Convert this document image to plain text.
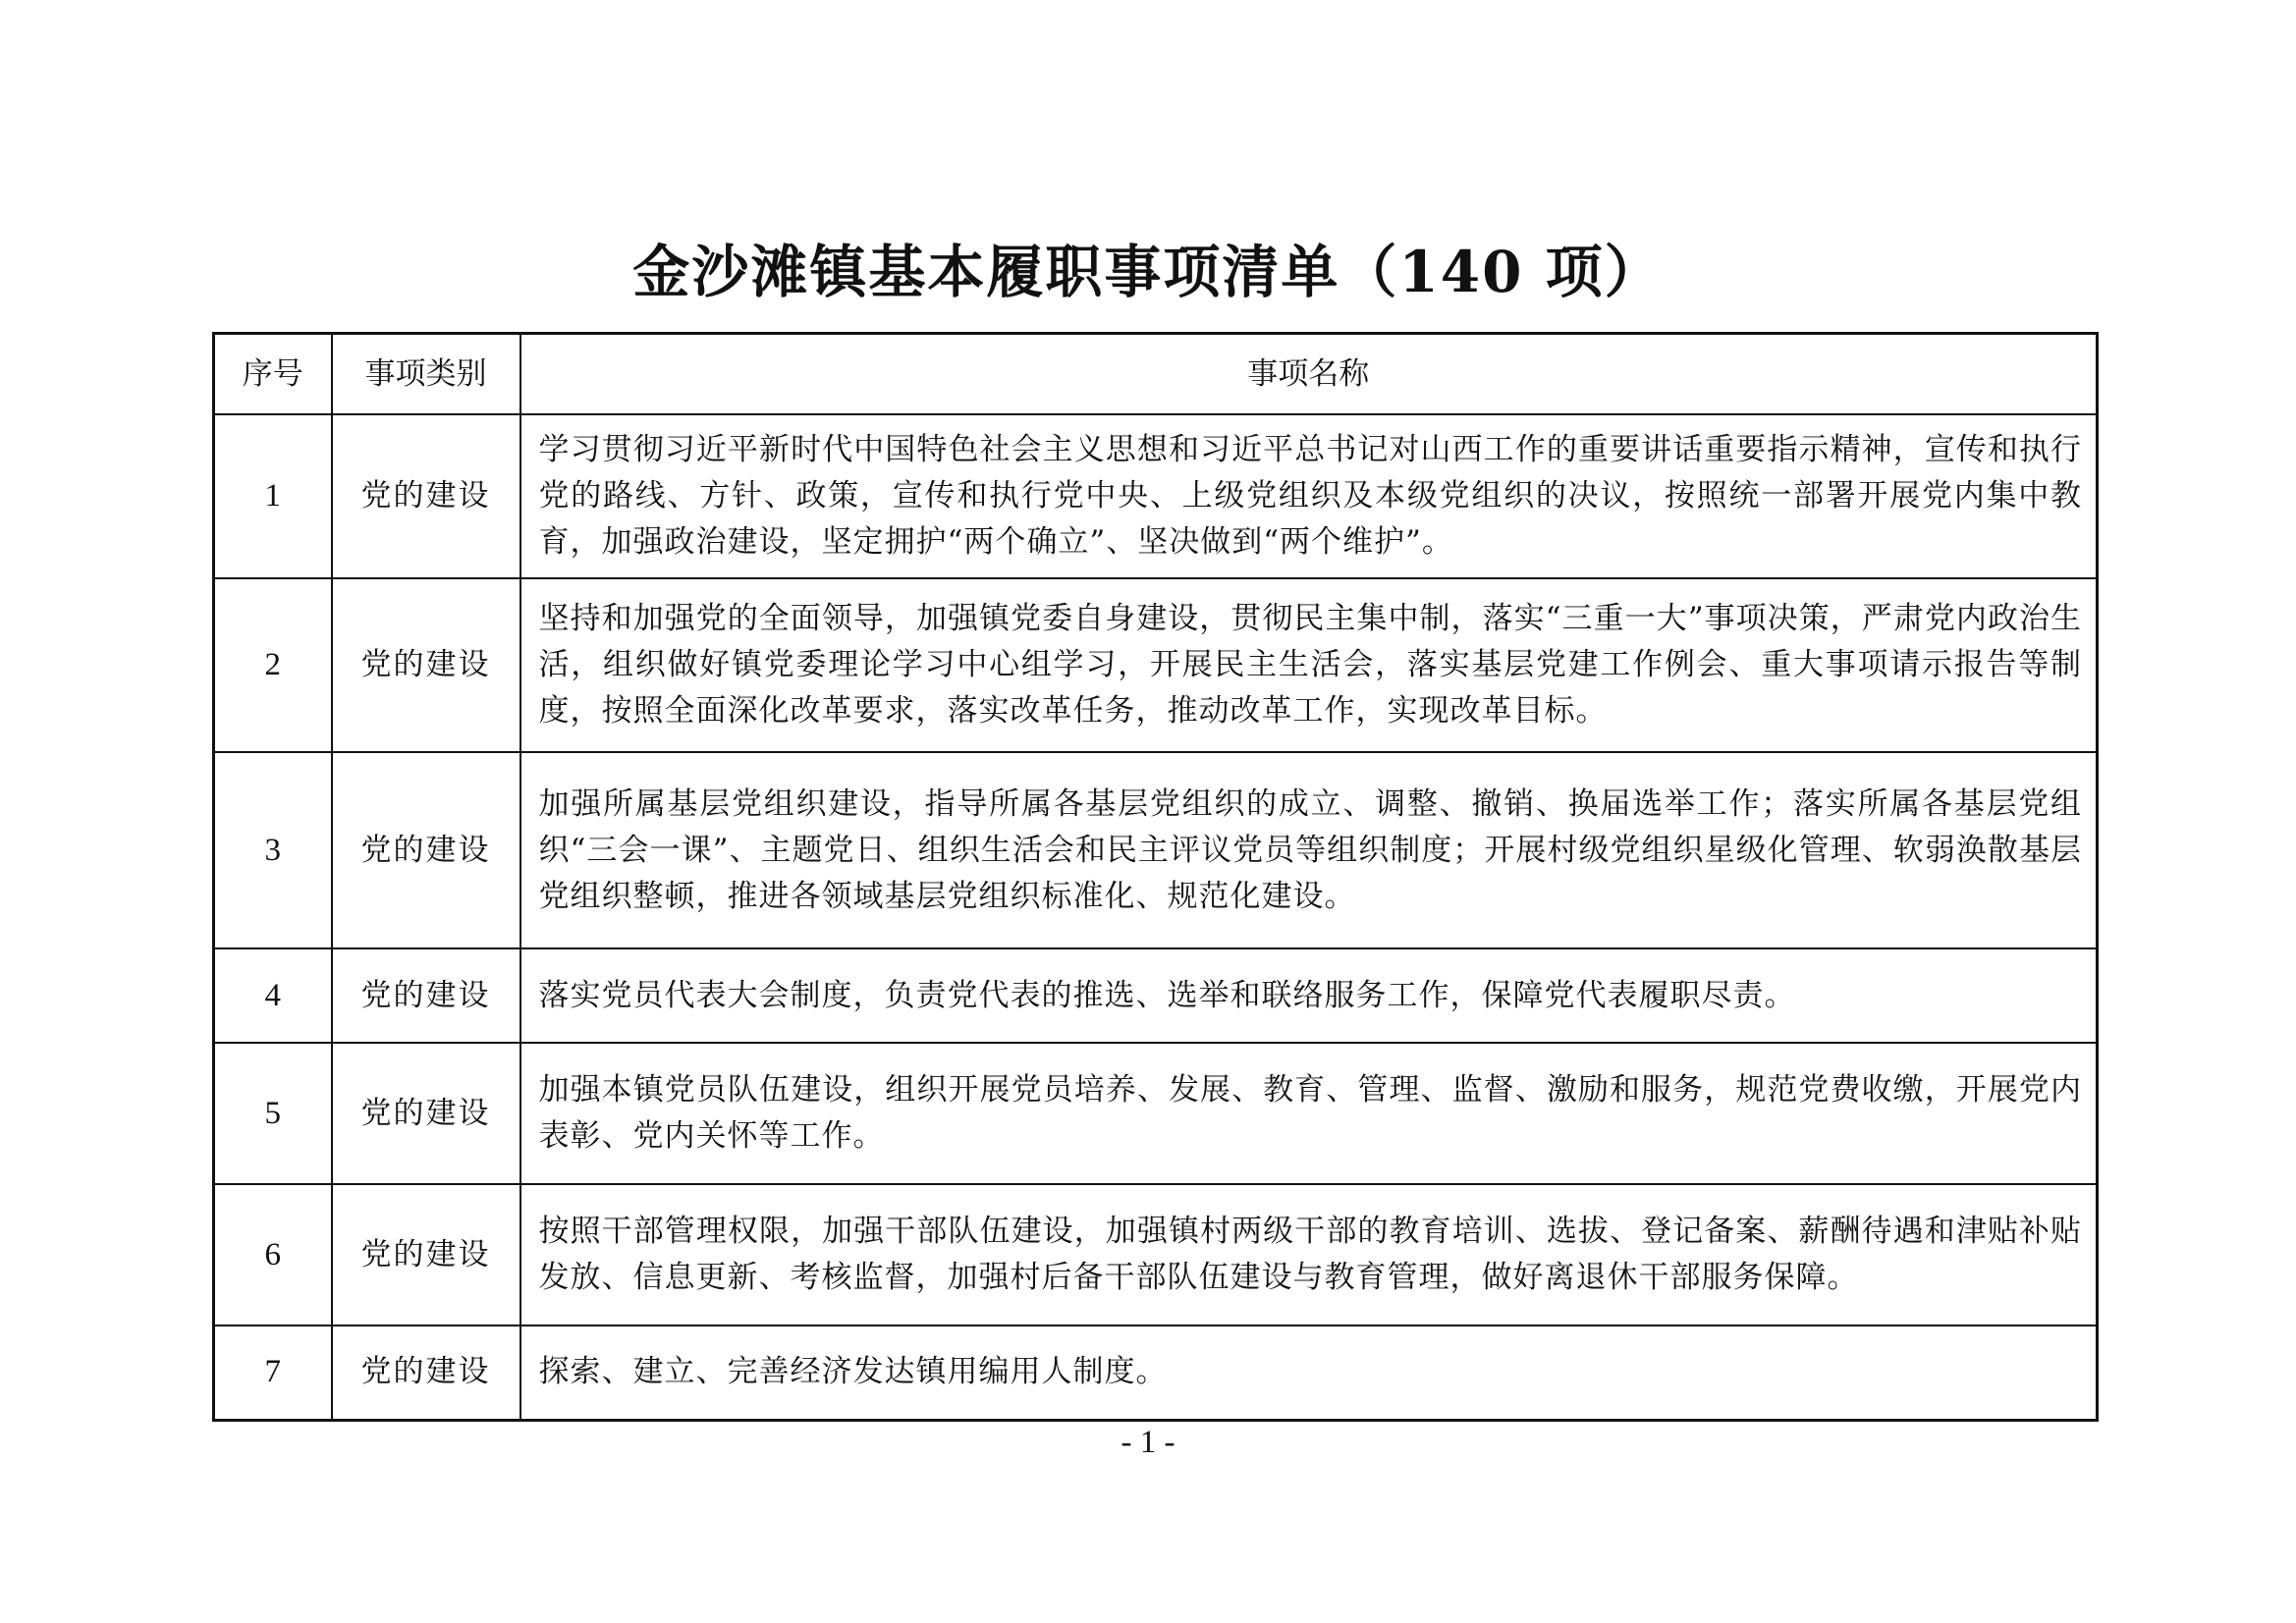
金沙滩镇基本履职事项清单（140 项）
序号	事项类别	事项名称
1	党的建设	学习贯彻习近平新时代中国特色社会主义思想和习近平总书记对山西工作的重要讲话重要指示精神，宣传和执行党的路线、方针、政策，宣传和执行党中央、上级党组织及本级党组织的决议，按照统一部署开展党内集中教育，加强政治建设，坚定拥护“两个确立”、坚决做到“两个维护”。
2	党的建设	坚持和加强党的全面领导，加强镇党委自身建设，贯彻民主集中制，落实“三重一大”事项决策，严肃党内政治生活，组织做好镇党委理论学习中心组学习，开展民主生活会，落实基层党建工作例会、重大事项请示报告等制度，按照全面深化改革要求，落实改革任务，推动改革工作，实现改革目标。
3	党的建设	加强所属基层党组织建设，指导所属各基层党组织的成立、调整、撤销、换届选举工作；落实所属各基层党组织“三会一课”、主题党日、组织生活会和民主评议党员等组织制度；开展村级党组织星级化管理、软弱涣散基层党组织整顿，推进各领域基层党组织标准化、规范化建设。
4	党的建设	落实党员代表大会制度，负责党代表的推选、选举和联络服务工作，保障党代表履职尽责。
5	党的建设	加强本镇党员队伍建设，组织开展党员培养、发展、教育、管理、监督、激励和服务，规范党费收缴，开展党内表彰、党内关怀等工作。
6	党的建设	按照干部管理权限，加强干部队伍建设，加强镇村两级干部的教育培训、选拔、登记备案、薪酬待遇和津贴补贴发放、信息更新、考核监督，加强村后备干部队伍建设与教育管理，做好离退休干部服务保障。
7	党的建设	探索、建立、完善经济发达镇用编用人制度。
- 1 -
